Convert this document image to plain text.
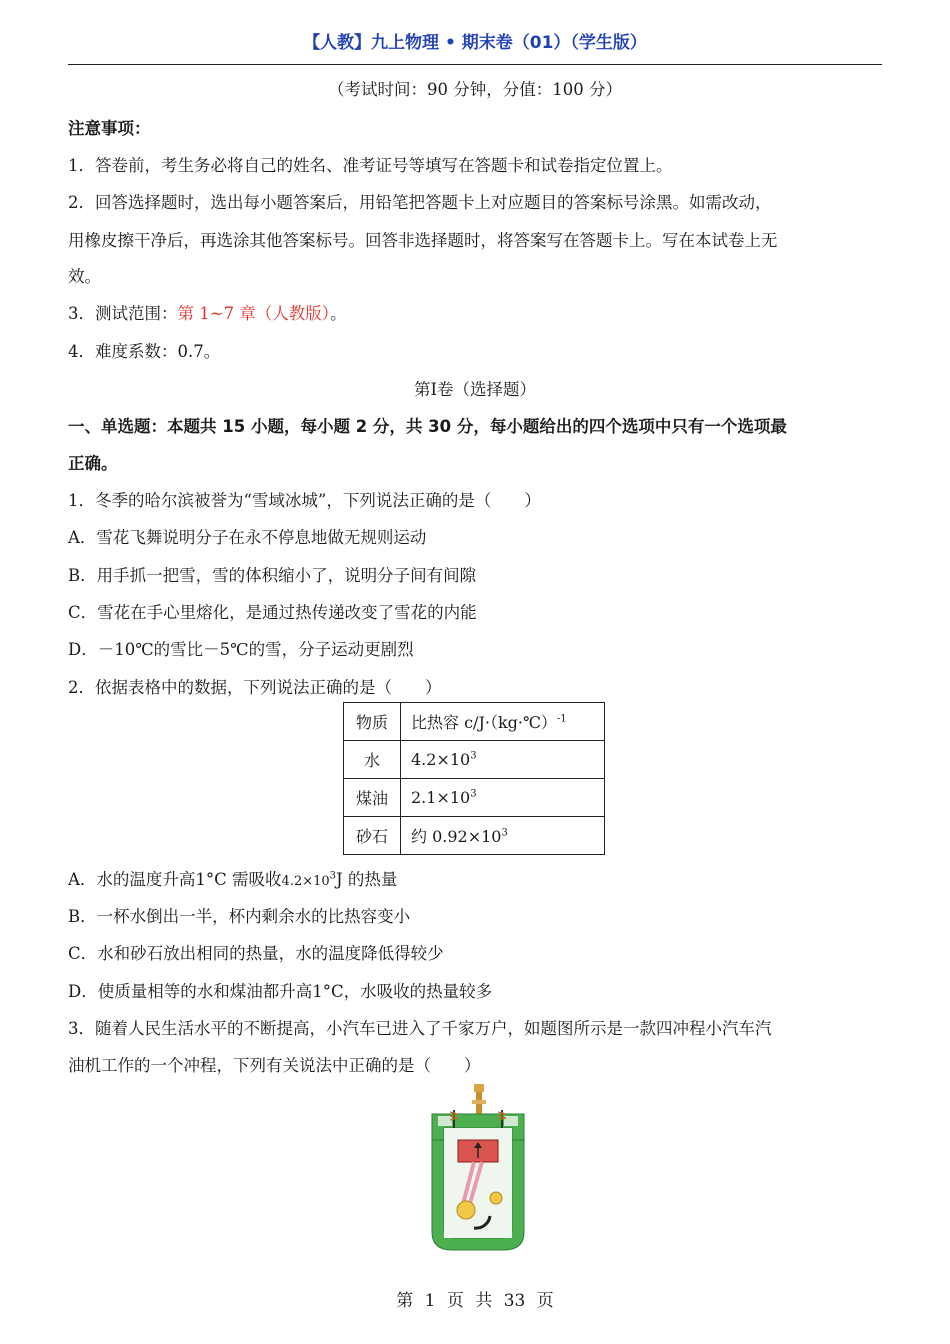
【人教】九上物理 • 期末卷（01）（学生版）
（考试时间：90 分钟，分值：100 分）
注意事项：
1．答卷前，考生务必将自己的姓名、准考证号等填写在答题卡和试卷指定位置上。
2．回答选择题时，选出每小题答案后，用铅笔把答题卡上对应题目的答案标号涂黑。如需改动，
用橡皮擦干净后，再选涂其他答案标号。回答非选择题时，将答案写在答题卡上。写在本试卷上无
效。
3．测试范围：第 1~7 章（人教版）。
4．难度系数：0.7。
第Ⅰ卷（选择题）
一、单选题：本题共 15 小题，每小题 2 分，共 30 分，每小题给出的四个选项中只有一个选项最
正确。
1．冬季的哈尔滨被誉为“雪域冰城”，下列说法正确的是（　　）
A．雪花飞舞说明分子在永不停息地做无规则运动
B．用手抓一把雪，雪的体积缩小了，说明分子间有间隙
C．雪花在手心里熔化，是通过热传递改变了雪花的内能
D．－10℃的雪比－5℃的雪，分子运动更剧烈
2．依据表格中的数据，下列说法正确的是（　　）
物质	比热容 c/J·（kg·℃）$^{-1}$
水	$4.2\times 10^3$
煤油	$2.1\times 10^3$
砂石	约 $0.92\times 10^3$
A．水的温度升高1°C 需吸收$4.2\times 10^3J$ 的热量
B．一杯水倒出一半，杯内剩余水的比热容变小
C．水和砂石放出相同的热量，水的温度降低得较少
D．使质量相等的水和煤油都升高1°C，水吸收的热量较多
3．随着人民生活水平的不断提高，小汽车已进入了千家万户，如题图所示是一款四冲程小汽车汽
油机工作的一个冲程，下列有关说法中正确的是（　　）
第 1 页 共 33 页
